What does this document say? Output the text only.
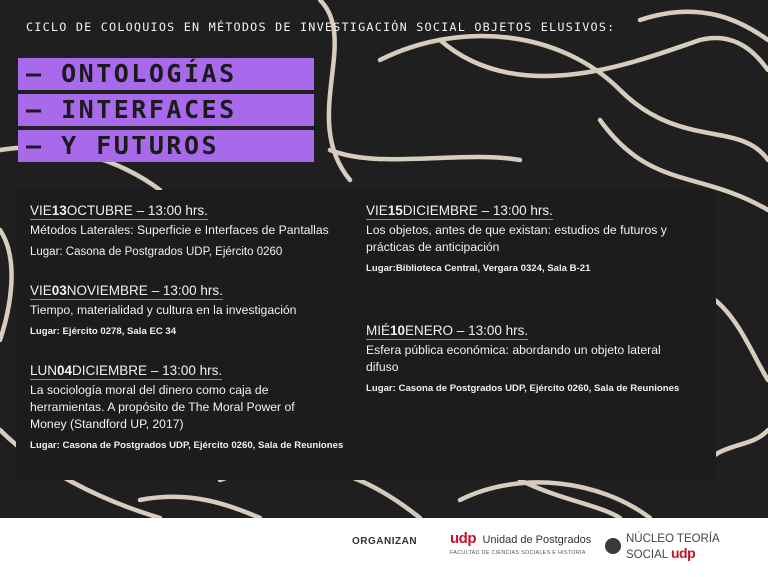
CICLO DE COLOQUIOS EN MÉTODOS DE INVESTIGACIÓN SOCIAL OBJETOS ELUSIVOS:
— ONTOLOGÍAS
— INTERFACES
— Y FUTUROS
VIE13OCTUBRE – 13:00 hrs.
Métodos Laterales: Superficie e Interfaces de Pantallas
Lugar: Casona de Postgrados UDP, Ejército 0260
VIE03NOVIEMBRE – 13:00 hrs.
Tiempo, materialidad y cultura en la investigación
Lugar: Ejército 0278, Sala EC 34
LUN04DICIEMBRE – 13:00 hrs.
La sociología moral del dinero como caja de herramientas. A propósito de The Moral Power of Money (Standford UP, 2017)
Lugar: Casona de Postgrados UDP, Ejército 0260, Sala de Reuniones
VIE15DICIEMBRE – 13:00 hrs.
Los objetos, antes de que existan: estudios de futuros y prácticas de anticipación
Lugar:Biblioteca Central, Vergara 0324, Sala B-21
MIÉ10ENERO – 13:00 hrs.
Esfera pública económica: abordando un objeto lateral difuso
Lugar: Casona de Postgrados UDP, Ejército 0260, Sala de Reuniones
ORGANIZAN udp Unidad de Postgrados
FACULTAD DE CIENCIAS SOCIALES E HISTORIA
NÚCLEO TEORÍA
SOCIAL udp
